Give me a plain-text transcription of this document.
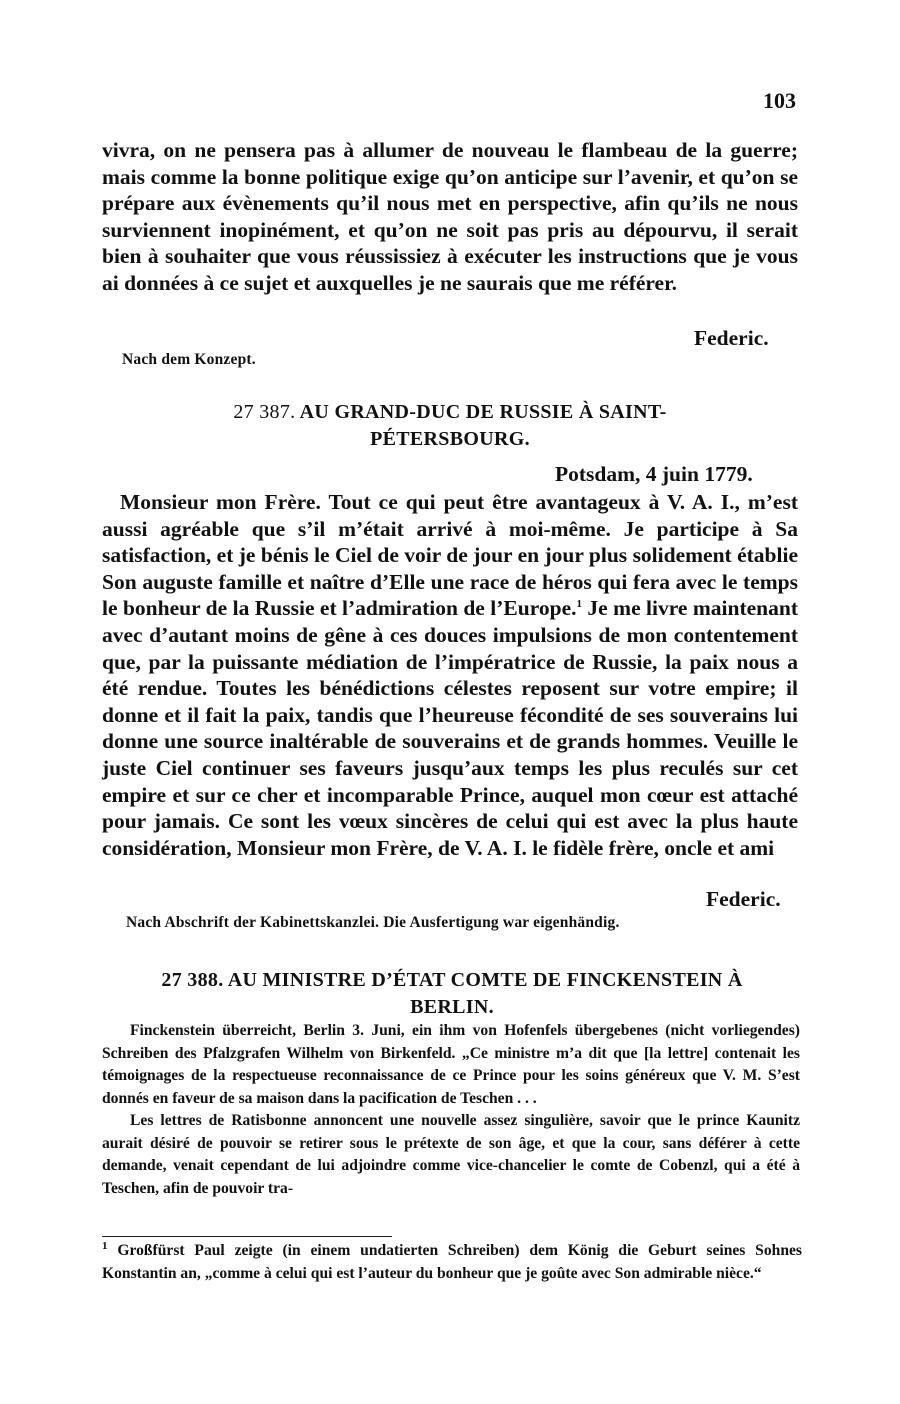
103
vivra, on ne pensera pas à allumer de nouveau le flambeau de la guerre; mais comme la bonne politique exige qu’on anticipe sur l’avenir, et qu’on se prépare aux évènements qu’il nous met en perspective, afin qu’ils ne nous surviennent inopinément, et qu’on ne soit pas pris au dépourvu, il serait bien à souhaiter que vous réussissiez à exécuter les instructions que je vous ai données à ce sujet et auxquelles je ne saurais que me référer.
Federic.
Nach dem Konzept.
27 387. AU GRAND-DUC DE RUSSIE À SAINT-
PÉTERSBOURG.
Potsdam, 4 juin 1779.
Monsieur mon Frère. Tout ce qui peut être avantageux à V. A. I., m’est aussi agréable que s’il m’était arrivé à moi-même. Je participe à Sa satisfaction, et je bénis le Ciel de voir de jour en jour plus solidement établie Son auguste famille et naître d’Elle une race de héros qui fera avec le temps le bonheur de la Russie et l’admiration de l’Europe.$^1$ Je me livre maintenant avec d’autant moins de gêne à ces douces impulsions de mon contentement que, par la puissante médiation de l’impératrice de Russie, la paix nous a été rendue. Toutes les bénédictions célestes reposent sur votre empire; il donne et il fait la paix, tandis que l’heureuse fécondité de ses souverains lui donne une source inaltérable de souverains et de grands hommes. Veuille le juste Ciel continuer ses faveurs jusqu’aux temps les plus reculés sur cet empire et sur ce cher et incomparable Prince, auquel mon cœur est attaché pour jamais. Ce sont les vœux sincères de celui qui est avec la plus haute considération, Monsieur mon Frère, de V. A. I. le fidèle frère, oncle et ami
Federic.
Nach Abschrift der Kabinettskanzlei. Die Ausfertigung war eigenhändig.
27 388. AU MINISTRE D’ÉTAT COMTE DE FINCKENSTEIN À
BERLIN.

Finckenstein überreicht, Berlin 3. Juni, ein ihm von Hofenfels übergebenes (nicht vorliegendes) Schreiben des Pfalzgrafen Wilhelm von Birkenfeld. „Ce ministre m’a dit que [la lettre] contenait les témoignages de la respectueuse reconnaissance de ce Prince pour les soins généreux que V. M. S’est donnés en faveur de sa maison dans la pacification de Teschen . . .

Les lettres de Ratisbonne annoncent une nouvelle assez singulière, savoir que le prince Kaunitz aurait désiré de pouvoir se retirer sous le prétexte de son âge, et que la cour, sans déférer à cette demande, venait cependant de lui adjoindre comme vice-chancelier le comte de Cobenzl, qui a été à Teschen, afin de pouvoir tra-

$^1$ Großfürst Paul zeigte (in einem undatierten Schreiben) dem König die Geburt seines Sohnes Konstantin an, „comme à celui qui est l’auteur du bonheur que je goûte avec Son admirable nièce.“
